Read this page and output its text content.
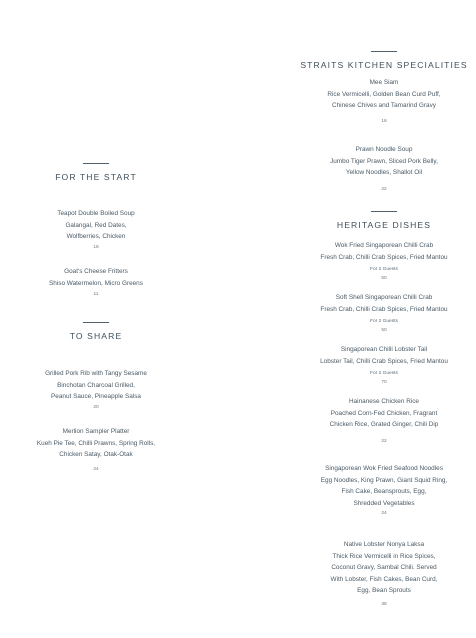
FOR THE START
Teapot Double Boiled Soup
Galangal, Red Dates,
Wolfberries, Chicken
18
Goat's Cheese Fritters
Shiso Watermelon, Micro Greens
11
TO SHARE
Grilled Pork Rib with Tangy Sesame
Binchotan Charcoal Grilled,
Peanut Sauce, Pineapple Salsa
20
Merlion Sampler Platter
Kueh Pie Tee, Chilli Prawns, Spring Rolls,
Chicken Satay, Otak-Otak
24
STRAITS KITCHEN SPECIALITIES
Mee Siam
Rice Vermicelli, Golden Bean Curd Puff,
Chinese Chives and Tamarind Gravy
16
Prawn Noodle Soup
Jumbo Tiger Prawn, Sliced Pork Belly,
Yellow Noodles, Shallot Oil
22
HERITAGE DISHES
Wok Fried Singaporean Chilli Crab
Fresh Crab, Chilli Crab Spices, Fried Mantou
For 2 Guests
50
Soft Shell Singaporean Chilli Crab
Fresh Crab, Chilli Crab Spices, Fried Mantou
For 2 Guests
50
Singaporean Chilli Lobster Tail
Lobster Tail, Chilli Crab Spices, Fried Mantou
For 2 Guests
70
Hainanese Chicken Rice
Poached Corn-Fed Chicken, Fragrant
Chicken Rice, Grated Ginger, Chili Dip
22
Singaporean Wok Fried Seafood Noodles
Egg Noodles, King Prawn, Giant Squid Ring,
Fish Cake, Beansprouts, Egg,
Shredded Vegetables
24
Native Lobster Nonya Laksa
Thick Rice Vermicelli in Rice Spices,
Coconut Gravy, Sambal Chili. Served
With Lobster, Fish Cakes, Bean Curd,
Egg, Bean Sprouts
38
